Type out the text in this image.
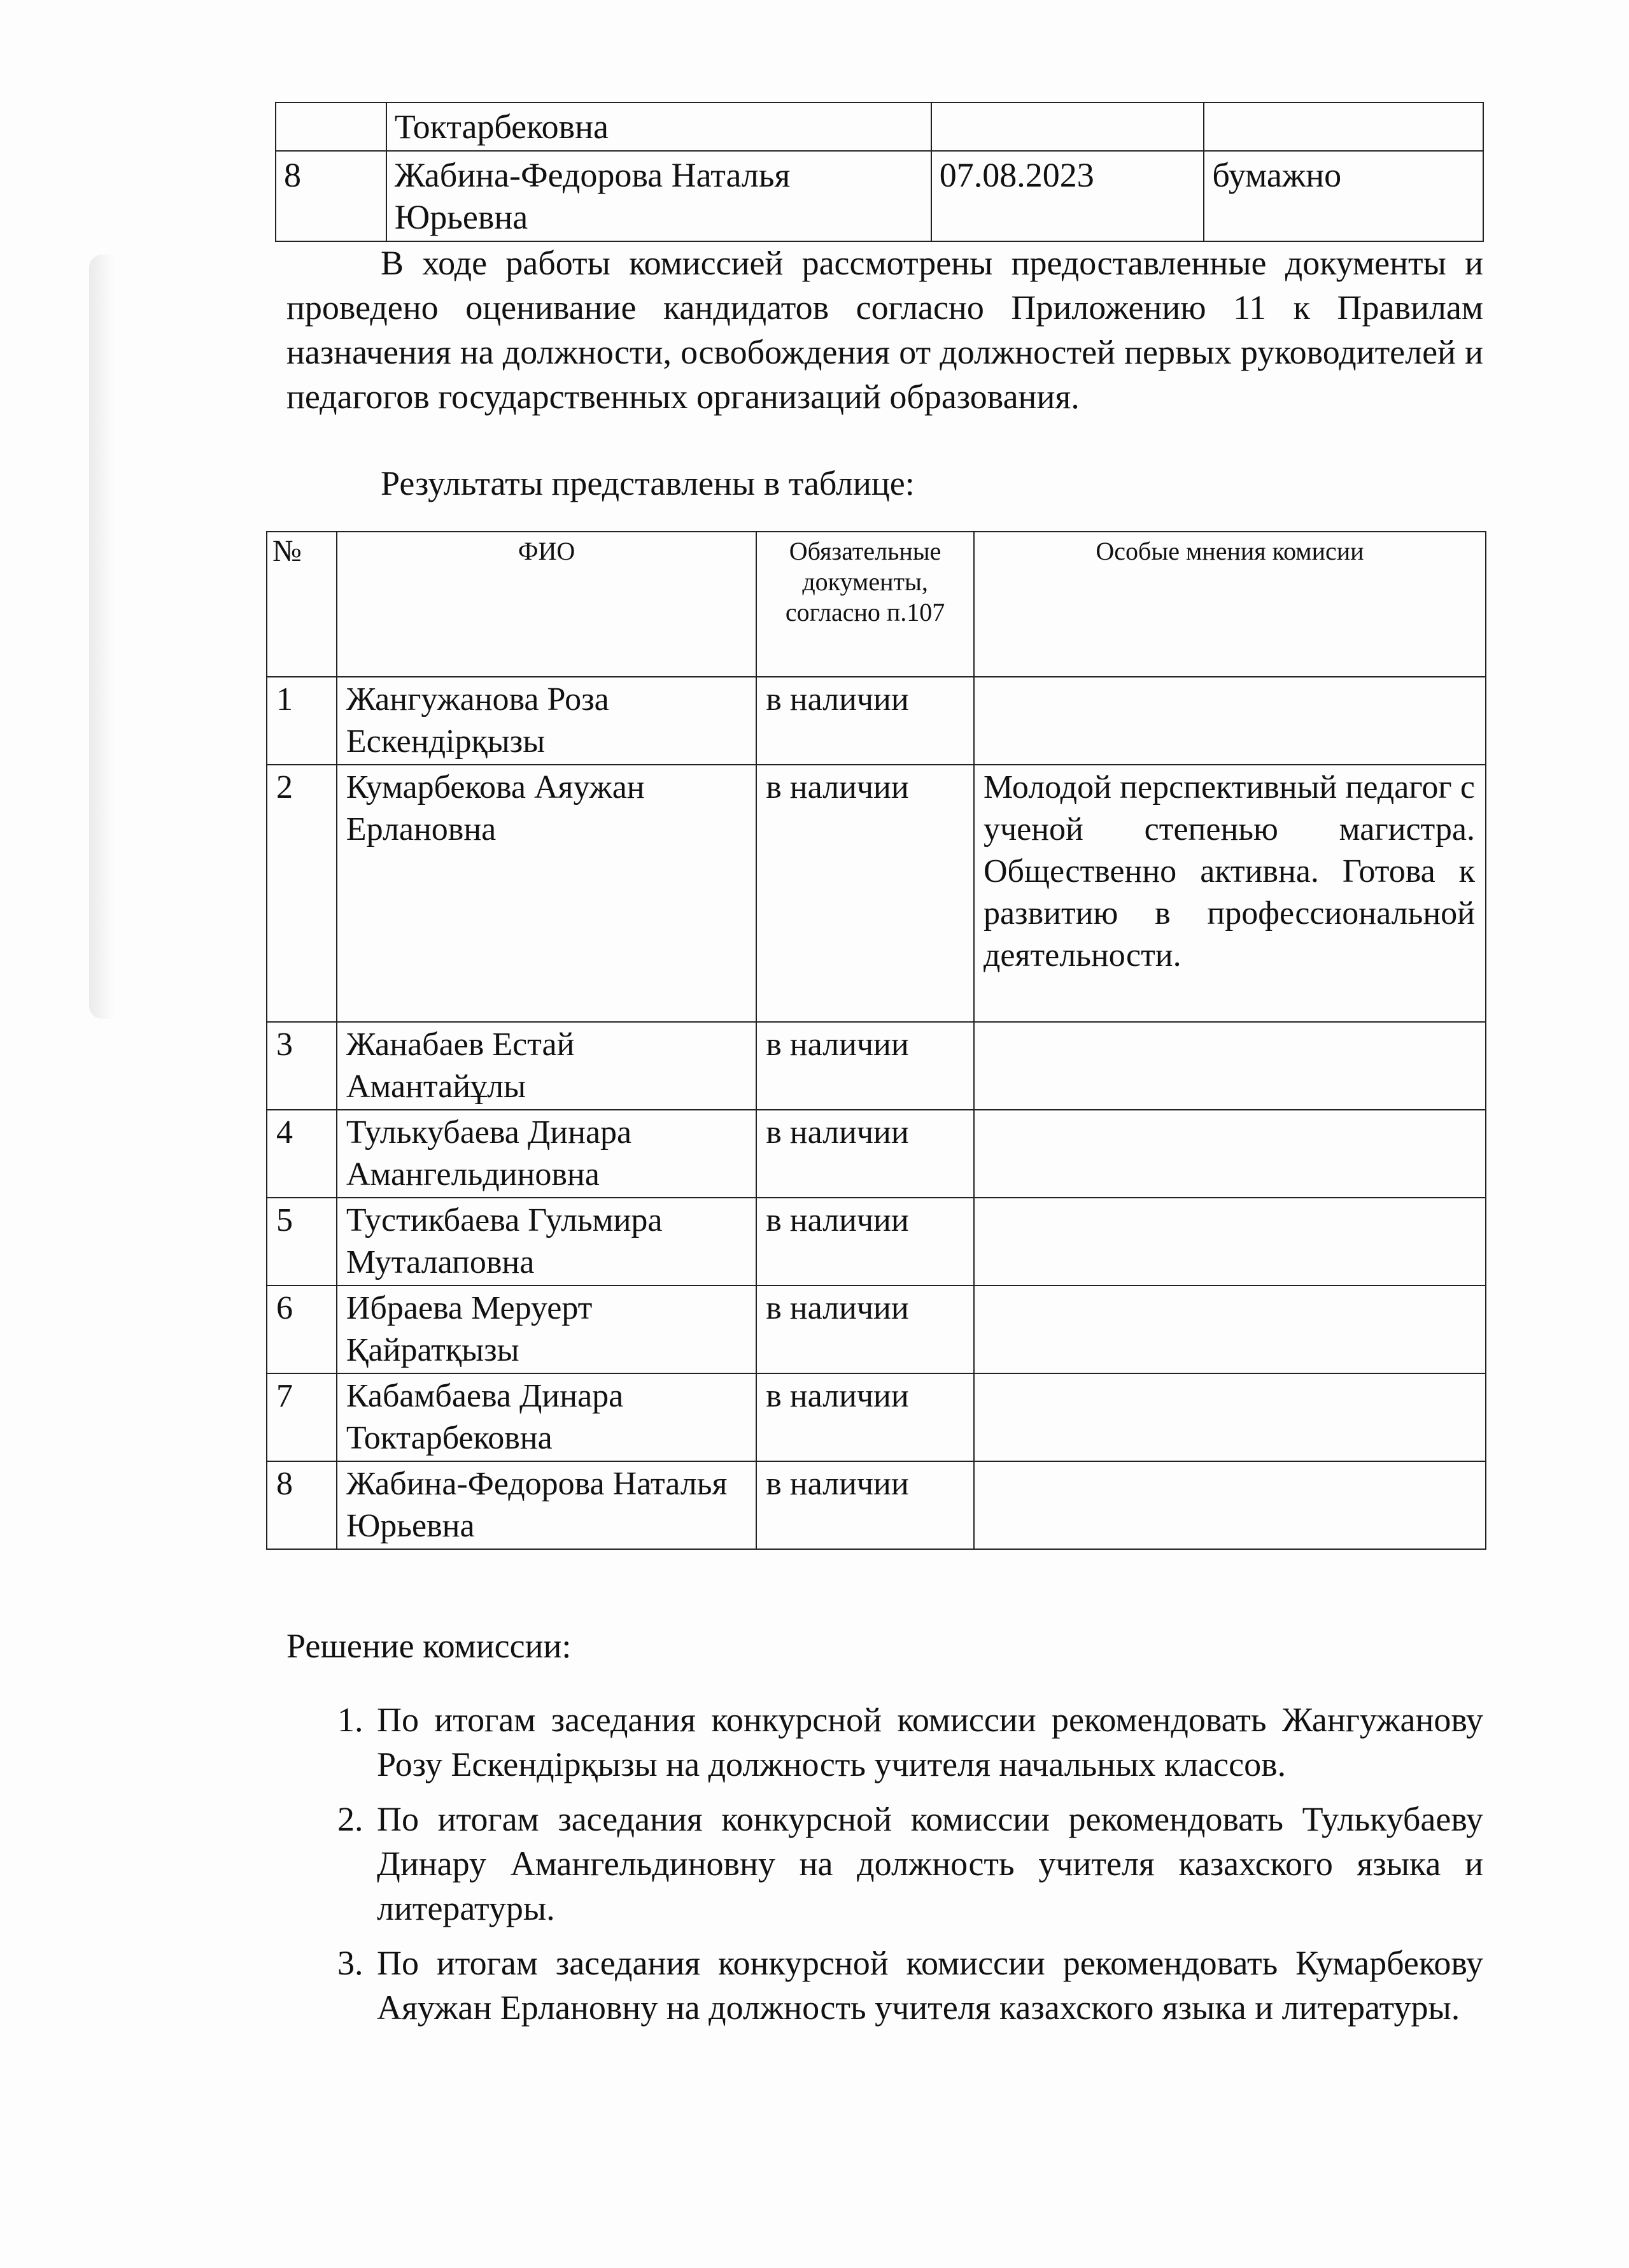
	Токтарбековна		
8	Жабина-Федорова Наталья Юрьевна	07.08.2023	бумажно

В ходе работы комиссией рассмотрены предоставленные документы и проведено оценивание кандидатов согласно Приложению 11 к Правилам назначения на должности, освобождения от должностей первых руководителей и педагогов государственных организаций образования.

Результаты представлены в таблице:

№	ФИО	Обязательные документы, согласно п.107	Особые мнения комисии
1	Жангужанова Роза Ескендірқызы	в наличии	
2	Кумарбекова Аяужан Ерлановна	в наличии	Молодой перспективный педагог с ученой степенью магистра. Общественно активна. Готова к развитию в профессиональной деятельности.
3	Жанабаев Естай Амантайұлы	в наличии	
4	Тулькубаева Динара Амангельдиновна	в наличии	
5	Тустикбаева Гульмира Муталаповна	в наличии	
6	Ибраева Меруерт Қайратқызы	в наличии	
7	Кабамбаева Динара Токтарбековна	в наличии	
8	Жабина-Федорова Наталья Юрьевна	в наличии	
Решение комиссии:
1. По итогам заседания конкурсной комиссии рекомендовать Жангужанову Розу Ескендірқызы на должность учителя начальных классов.
2. По итогам заседания конкурсной комиссии рекомендовать Тулькубаеву Динару Амангельдиновну на должность учителя казахского языка и литературы.
3. По итогам заседания конкурсной комиссии рекомендовать Кумарбекову Аяужан Ерлановну на должность учителя казахского языка и литературы.
